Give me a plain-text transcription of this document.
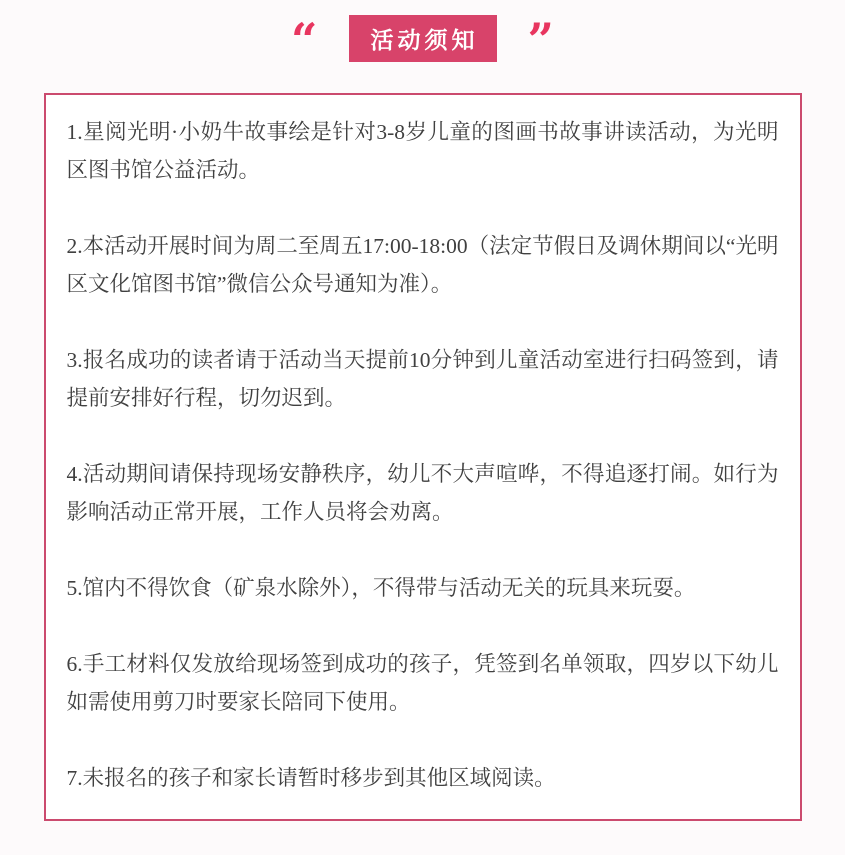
“ 活动须知 ”

1.星阅光明·小奶牛故事绘是针对3-8岁儿童的图画书故事讲读活动，为光明区图书馆公益活动。

2.本活动开展时间为周二至周五17:00-18:00（法定节假日及调休期间以“光明区文化馆图书馆”微信公众号通知为准）。

3.报名成功的读者请于活动当天提前10分钟到儿童活动室进行扫码签到，请提前安排好行程，切勿迟到。

4.活动期间请保持现场安静秩序，幼儿不大声喧哗，不得追逐打闹。如行为影响活动正常开展，工作人员将会劝离。

5.馆内不得饮食（矿泉水除外），不得带与活动无关的玩具来玩耍。

6.手工材料仅发放给现场签到成功的孩子，凭签到名单领取，四岁以下幼儿如需使用剪刀时要家长陪同下使用。

7.未报名的孩子和家长请暂时移步到其他区域阅读。
